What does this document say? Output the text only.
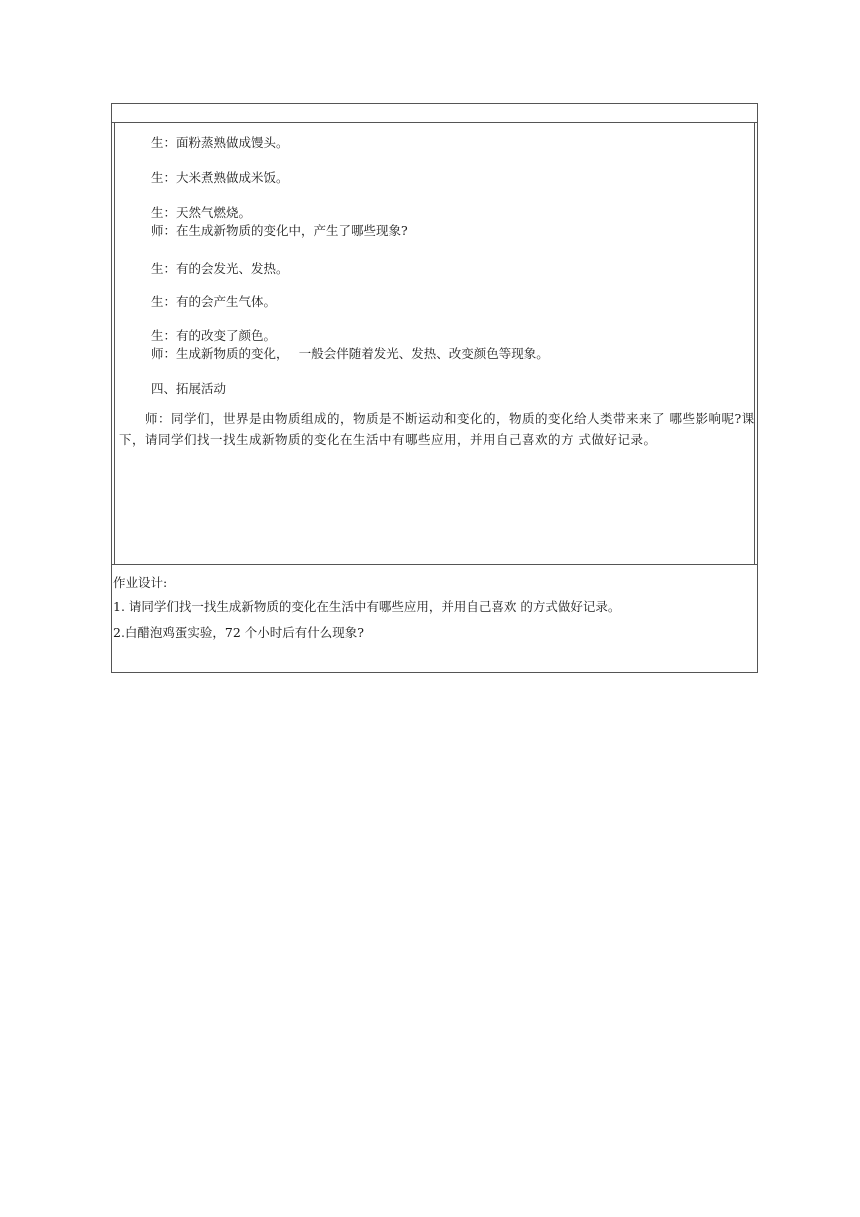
生：面粉蒸熟做成馒头。
生：大米煮熟做成米饭。
生：天然气燃烧。
师：在生成新物质的变化中，产生了哪些现象?
生：有的会发光、发热。
生：有的会产生气体。
生：有的改变了颜色。
师：生成新物质的变化，　 一般会伴随着发光、发热、改变颜色等现象。
四、拓展活动
　　师：同学们，世界是由物质组成的，物质是不断运动和变化的，物质的变化给人类带来来了 哪些影响呢?课下，请同学们找一找生成新物质的变化在生活中有哪些应用，并用自己喜欢的方 式做好记录。
作业设计:
1. 请同学们找一找生成新物质的变化在生活中有哪些应用，并用自己喜欢 的方式做好记录。
2.白醋泡鸡蛋实验，72 个小时后有什么现象?
